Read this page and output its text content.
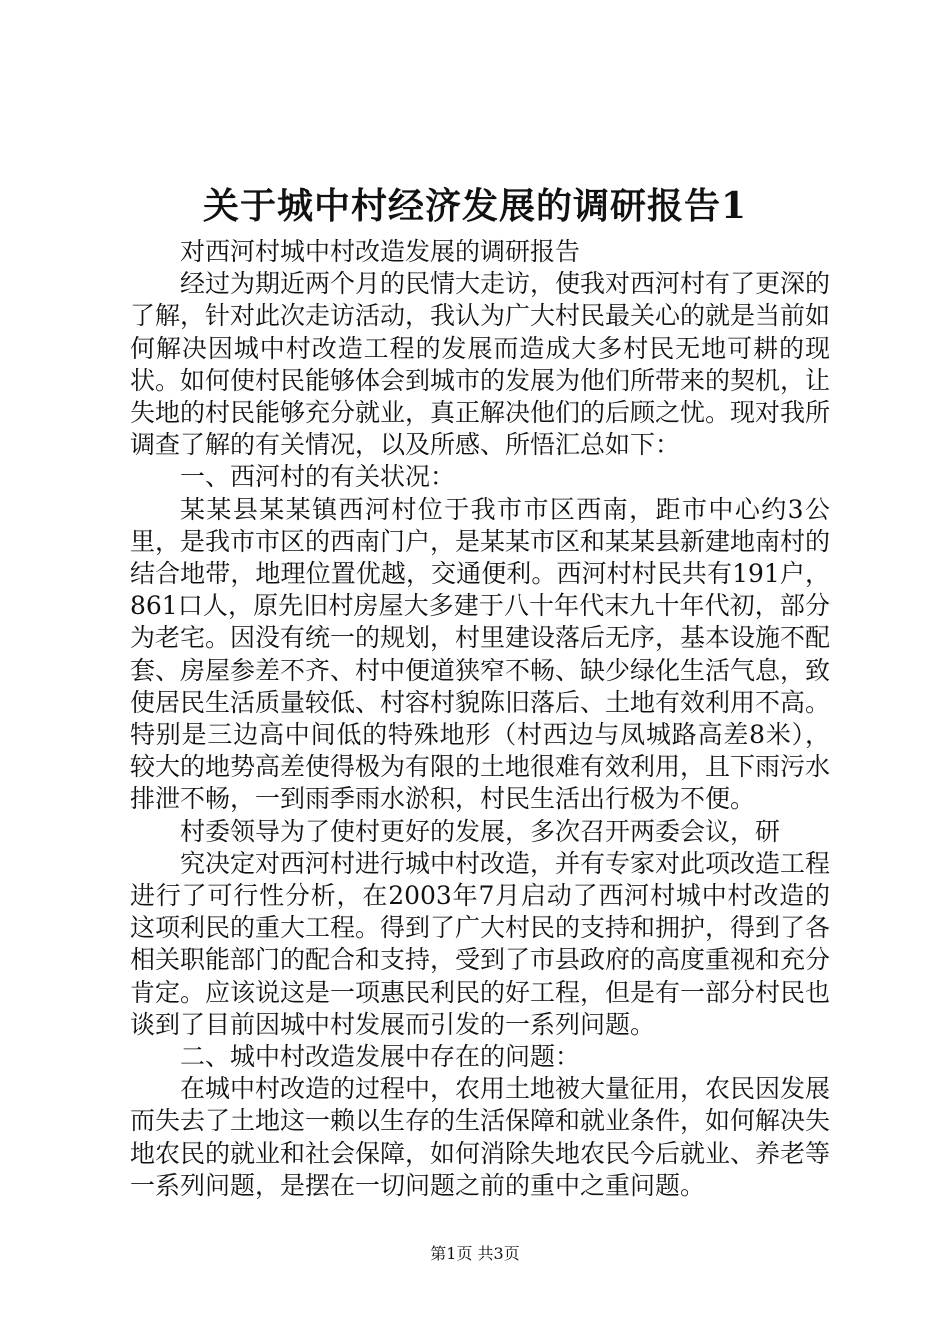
关于城中村经济发展的调研报告1

对西河村城中村改造发展的调研报告

经过为期近两个月的民情大走访，使我对西河村有了更深的了解，针对此次走访活动，我认为广大村民最关心的就是当前如何解决因城中村改造工程的发展而造成大多村民无地可耕的现状。如何使村民能够体会到城市的发展为他们所带来的契机，让失地的村民能够充分就业，真正解决他们的后顾之忧。现对我所调查了解的有关情况，以及所感、所悟汇总如下：

一、西河村的有关状况：

某某县某某镇西河村位于我市市区西南，距市中心约3公里，是我市市区的西南门户，是某某市区和某某县新建地南村的结合地带，地理位置优越，交通便利。西河村村民共有191户，861口人，原先旧村房屋大多建于八十年代末九十年代初，部分为老宅。因没有统一的规划，村里建设落后无序，基本设施不配套、房屋参差不齐、村中便道狭窄不畅、缺少绿化生活气息，致使居民生活质量较低、村容村貌陈旧落后、土地有效利用不高。特别是三边高中间低的特殊地形（村西边与凤城路高差8米），较大的地势高差使得极为有限的土地很难有效利用，且下雨污水排泄不畅，一到雨季雨水淤积，村民生活出行极为不便。

村委领导为了使村更好的发展，多次召开两委会议，研

究决定对西河村进行城中村改造，并有专家对此项改造工程进行了可行性分析，在2003年7月启动了西河村城中村改造的这项利民的重大工程。得到了广大村民的支持和拥护，得到了各相关职能部门的配合和支持，受到了市县政府的高度重视和充分肯定。应该说这是一项惠民利民的好工程，但是有一部分村民也谈到了目前因城中村发展而引发的一系列问题。

二、城中村改造发展中存在的问题：

在城中村改造的过程中，农用土地被大量征用，农民因发展而失去了土地这一赖以生存的生活保障和就业条件，如何解决失地农民的就业和社会保障，如何消除失地农民今后就业、养老等一系列问题，是摆在一切问题之前的重中之重问题。

第1页 共3页
